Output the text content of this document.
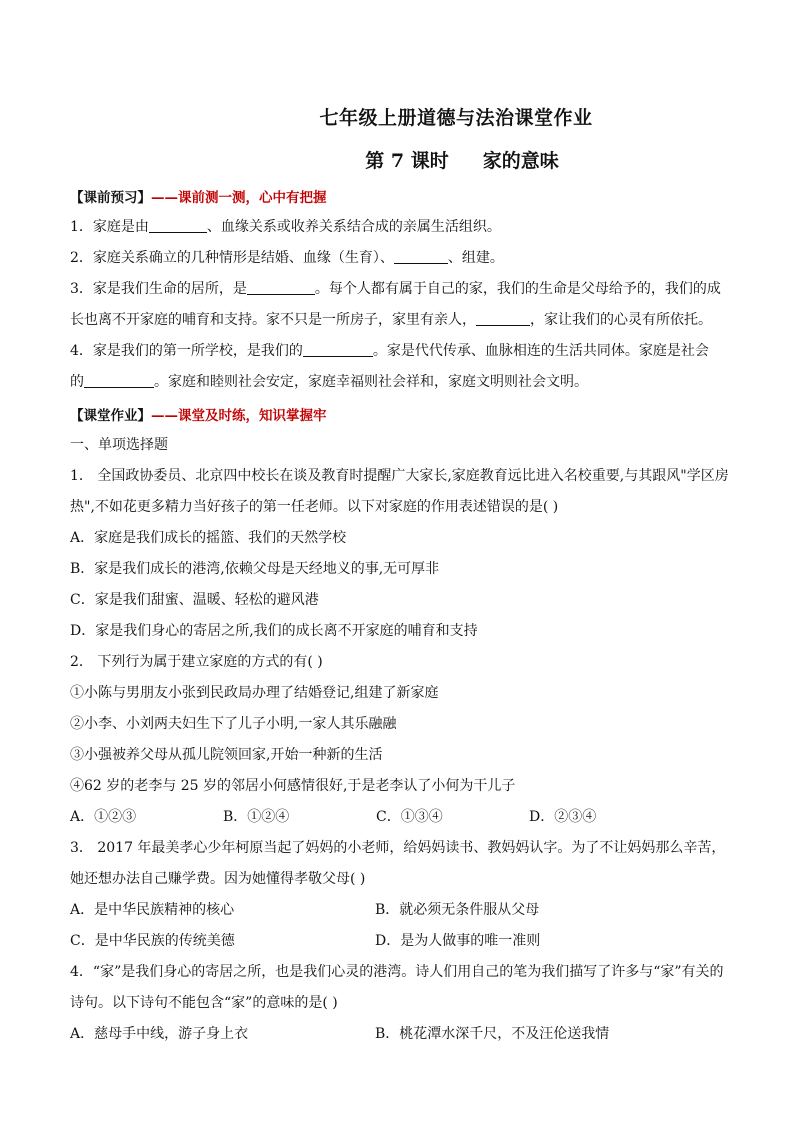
七年级上册道德与法治课堂作业
第 7 课时 家的意味
【课前预习】——课前测一测，心中有把握
1．家庭是由	、血缘关系或收养关系结合成的亲属生活组织。
2．家庭关系确立的几种情形是结婚、血缘（生育）、	、组建。
3．家是我们生命的居所，是	。每个人都有属于自己的家，我们的生命是父母给予的，我们的成
长也离不开家庭的哺育和支持。家不只是一所房子，家里有亲人，	，家让我们的心灵有所依托。
4．家是我们的第一所学校，是我们的	。家是代代传承、血脉相连的生活共同体。家庭是社会
的	。家庭和睦则社会安定，家庭幸福则社会祥和，家庭文明则社会文明。
【课堂作业】——课堂及时练，知识掌握牢
一、单项选择题
1． 全国政协委员、北京四中校长在谈及教育时提醒广大家长,家庭教育远比进入名校重要,与其跟风"学区房
热",不如花更多精力当好孩子的第一任老师。以下对家庭的作用表述错误的是( )
A．家庭是我们成长的摇篮、我们的天然学校
B．家是我们成长的港湾,依赖父母是天经地义的事,无可厚非
C．家是我们甜蜜、温暖、轻松的避风港
D．家是我们身心的寄居之所,我们的成长离不开家庭的哺育和支持
2． 下列行为属于建立家庭的方式的有( )
①小陈与男朋友小张到民政局办理了结婚登记,组建了新家庭
②小李、小刘两夫妇生下了儿子小明,一家人其乐融融
③小强被养父母从孤儿院领回家,开始一种新的生活
④62 岁的老李与 25 岁的邻居小何感情很好,于是老李认了小何为干儿子
A．①②③	B．①②④	C．①③④	D．②③④
3． 2017 年最美孝心少年柯原当起了妈妈的小老师，给妈妈读书、教妈妈认字。为了不让妈妈那么辛苦，
她还想办法自己赚学费。因为她懂得孝敬父母( )
A．是中华民族精神的核心	B．就必须无条件服从父母
C．是中华民族的传统美德	D．是为人做事的唯一准则
4．“家”是我们身心的寄居之所，也是我们心灵的港湾。诗人们用自己的笔为我们描写了许多与“家”有关的
诗句。以下诗句不能包含“家”的意味的是( )
A．慈母手中线，游子身上衣	B．桃花潭水深千尺，不及汪伦送我情
